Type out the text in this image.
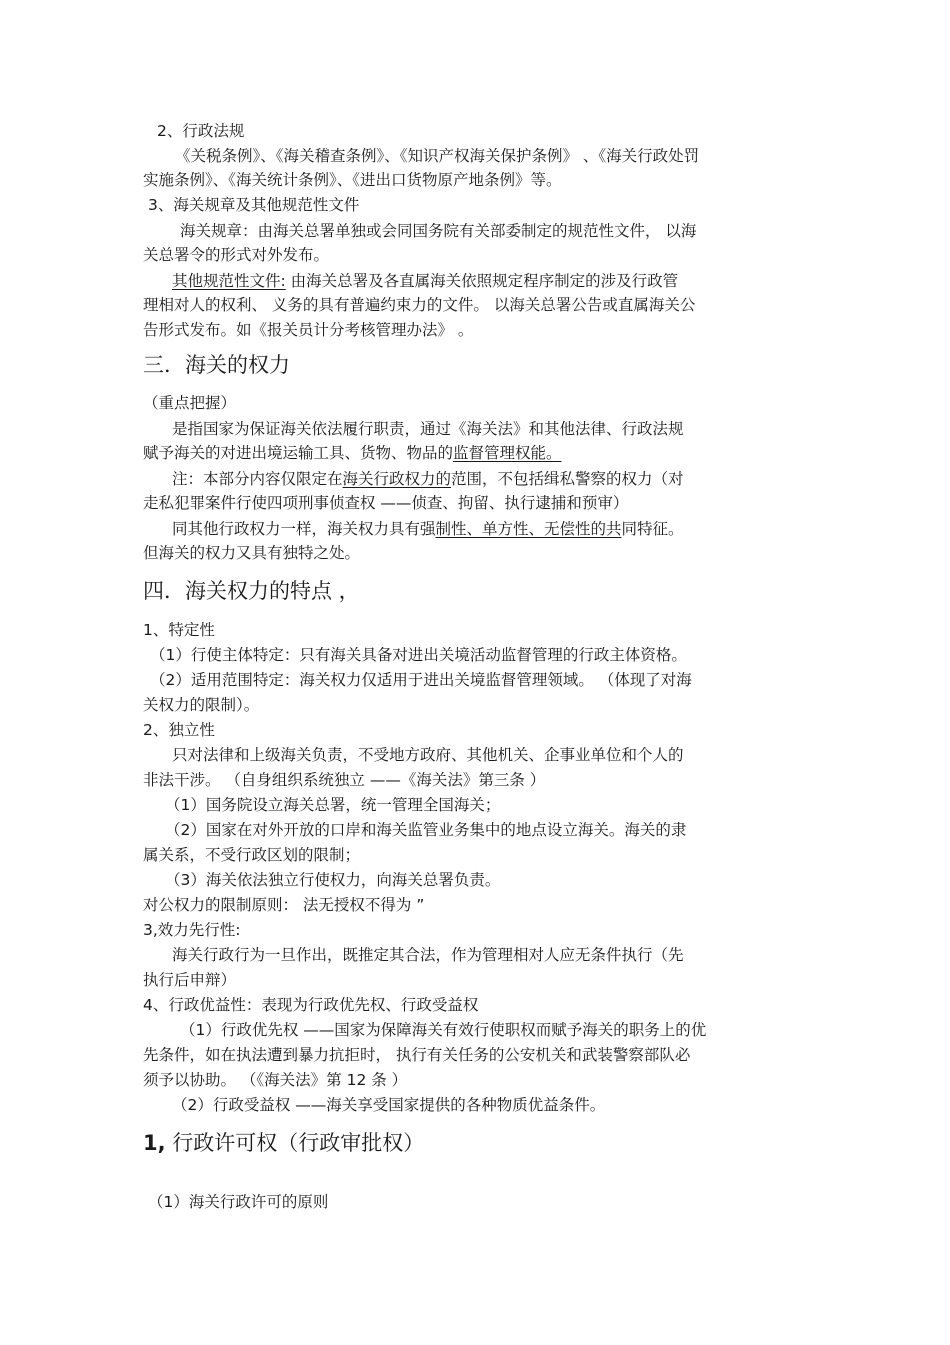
2、行政法规
《关税条例》、《海关稽查条例》、《知识产权海关保护条例》 、《海关行政处罚
实施条例》、《海关统计条例》、《进出口货物原产地条例》等。
3、海关规章及其他规范性文件
海关规章：由海关总署单独或会同国务院有关部委制定的规范性文件， 以海
关总署令的形式对外发布。
其他规范性文件: 由海关总署及各直属海关依照规定程序制定的涉及行政管
理相对人的权利、 义务的具有普遍约束力的文件。 以海关总署公告或直属海关公
告形式发布。如《报关员计分考核管理办法》 。
三．海关的权力
（重点把握）
是指国家为保证海关依法履行职责，通过《海关法》和其他法律、行政法规
赋予海关的对进出境运输工具、货物、物品的监督管理权能。
注：本部分内容仅限定在海关行政权力的范围，不包括缉私警察的权力（对
走私犯罪案件行使四项刑事侦查权 ——侦查、拘留、执行逮捕和预审）
同其他行政权力一样，海关权力具有强制性、单方性、无偿性的共同特征。
但海关的权力又具有独特之处。
四．海关权力的特点 ，
1、特定性
（1）行使主体特定：只有海关具备对进出关境活动监督管理的行政主体资格。
（2）适用范围特定：海关权力仅适用于进出关境监督管理领域。 （体现了对海
关权力的限制）。
2、独立性
只对法律和上级海关负责，不受地方政府、其他机关、企事业单位和个人的
非法干涉。 （自身组织系统独立 ——《海关法》第三条 ）
（1）国务院设立海关总署，统一管理全国海关；
（2）国家在对外开放的口岸和海关监管业务集中的地点设立海关。海关的隶
属关系，不受行政区划的限制；
（3）海关依法独立行使权力，向海关总署负责。
对公权力的限制原则： 法无授权不得为 ”
3,效力先行性:
海关行政行为一旦作出，既推定其合法，作为管理相对人应无条件执行（先
执行后申辩）
4、行政优益性：表现为行政优先权、行政受益权
（1）行政优先权 ——国家为保障海关有效行使职权而赋予海关的职务上的优
先条件，如在执法遭到暴力抗拒时， 执行有关任务的公安机关和武装警察部队必
须予以协助。 （《海关法》第 12 条 ）
（2）行政受益权 ——海关享受国家提供的各种物质优益条件。
1, 行政许可权（行政审批权）
（1）海关行政许可的原则
